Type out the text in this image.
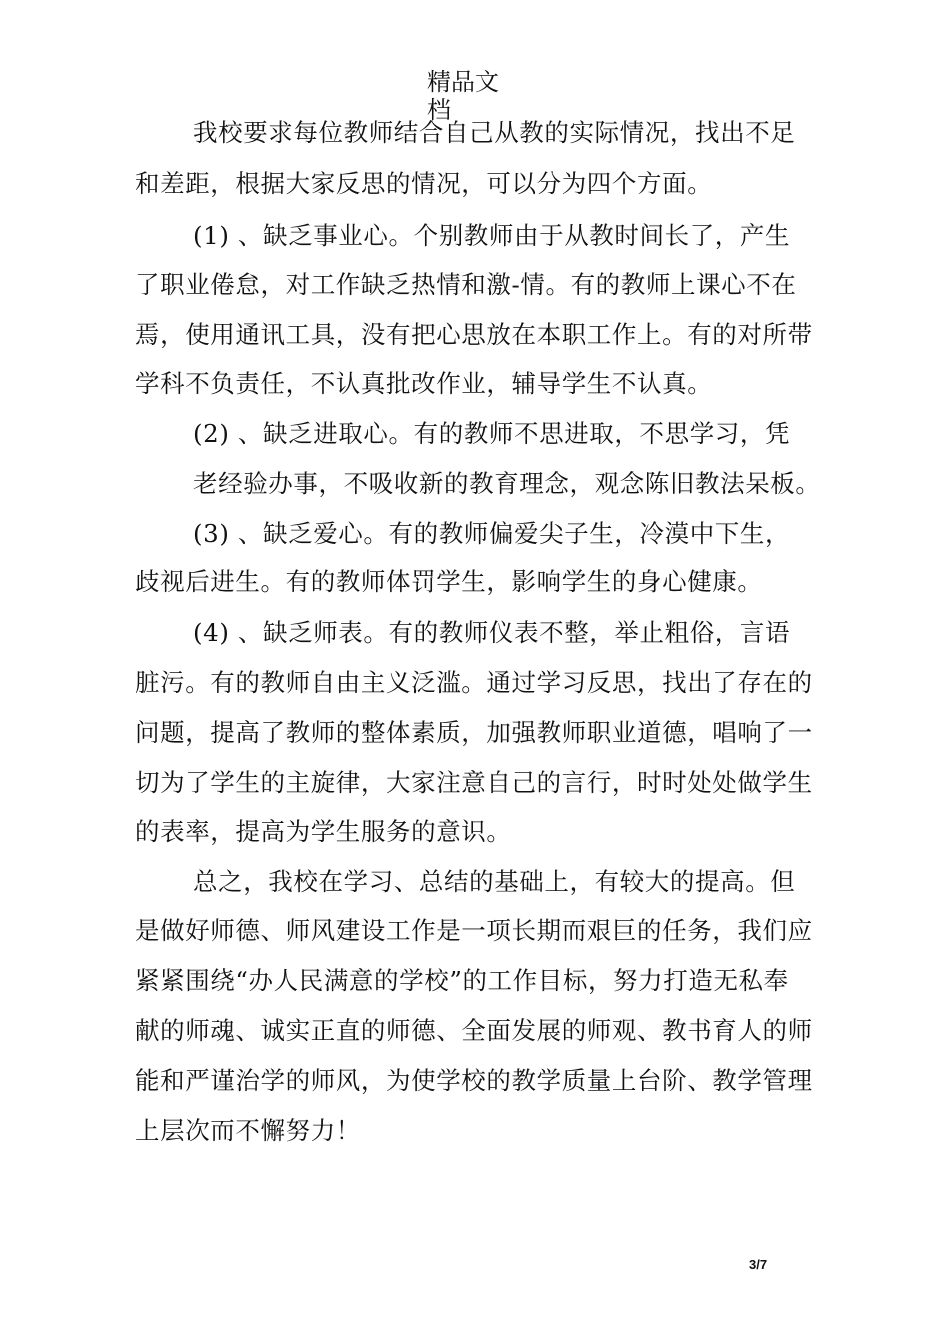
精品文档
我校要求每位教师结合自己从教的实际情况，找出不足
和差距，根据大家反思的情况，可以分为四个方面。
(1) 、缺乏事业心。个别教师由于从教时间长了，产生
了职业倦怠，对工作缺乏热情和激-情。有的教师上课心不在
焉，使用通讯工具，没有把心思放在本职工作上。有的对所带
学科不负责任，不认真批改作业，辅导学生不认真。
(2) 、缺乏进取心。有的教师不思进取，不思学习，凭
老经验办事，不吸收新的教育理念，观念陈旧教法呆板。
(3) 、缺乏爱心。有的教师偏爱尖子生，冷漠中下生，
歧视后进生。有的教师体罚学生，影响学生的身心健康。
(4) 、缺乏师表。有的教师仪表不整，举止粗俗，言语
脏污。有的教师自由主义泛滥。通过学习反思，找出了存在的
问题，提高了教师的整体素质，加强教师职业道德，唱响了一
切为了学生的主旋律，大家注意自己的言行，时时处处做学生
的表率，提高为学生服务的意识。
总之，我校在学习、总结的基础上，有较大的提高。但
是做好师德、师风建设工作是一项长期而艰巨的任务，我们应
紧紧围绕“办人民满意的学校”的工作目标，努力打造无私奉
献的师魂、诚实正直的师德、全面发展的师观、教书育人的师
能和严谨治学的师风，为使学校的教学质量上台阶、教学管理
上层次而不懈努力！
3/7
